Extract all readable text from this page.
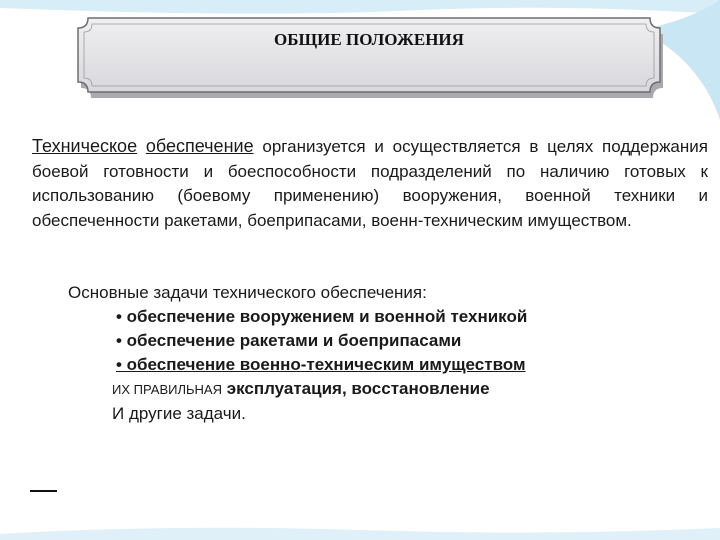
ОБЩИЕ ПОЛОЖЕНИЯ
Техническое обеспечение организуется и осуществляется в целях поддержания боевой готовности и боеспособности подразделений по наличию готовых к использованию (боевому применению) вооружения, военной техники и обеспеченности ракетами, боеприпасами, военн-техническим имуществом.
Основные задачи технического обеспечения:
• обеспечение вооружением и военной техникой
• обеспечение ракетами и боеприпасами
• обеспечение военно-техническим имуществом
ИХ ПРАВИЛЬНАЯ эксплуатация, восстановление
И другие задачи.
